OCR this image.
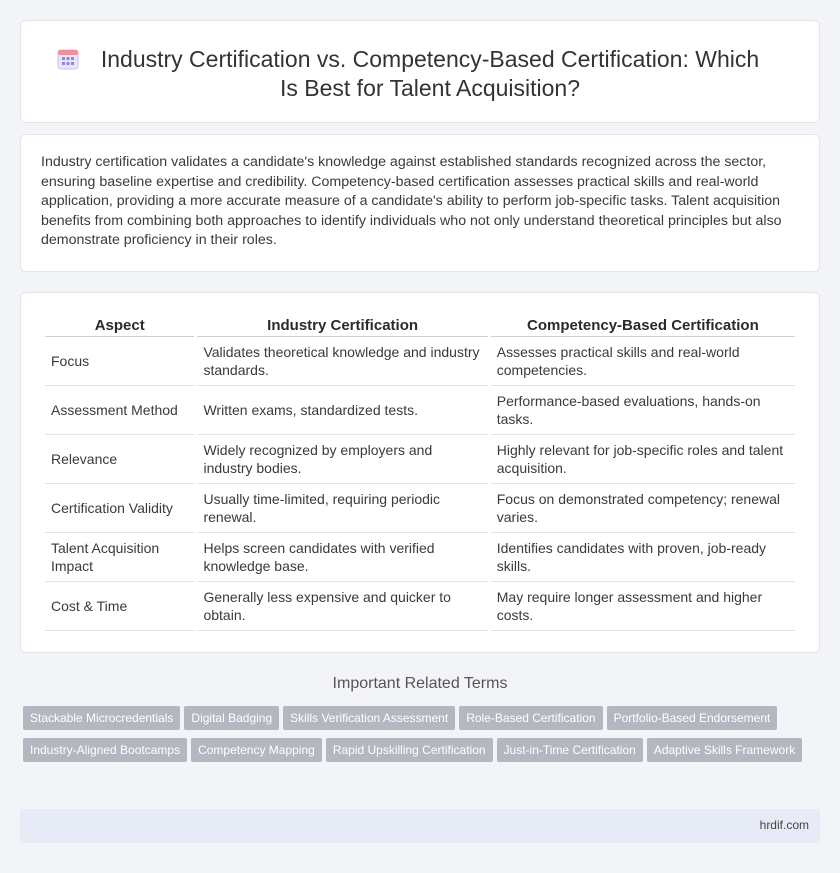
Industry Certification vs. Competency-Based Certification: Which Is Best for Talent Acquisition?

Industry certification validates a candidate's knowledge against established standards recognized across the sector, ensuring baseline expertise and credibility. Competency-based certification assesses practical skills and real-world application, providing a more accurate measure of a candidate's ability to perform job-specific tasks. Talent acquisition benefits from combining both approaches to identify individuals who not only understand theoretical principles but also demonstrate proficiency in their roles.

Aspect	Industry Certification	Competency-Based Certification
Focus	Validates theoretical knowledge and industry standards.	Assesses practical skills and real-world competencies.
Assessment Method	Written exams, standardized tests.	Performance-based evaluations, hands-on tasks.
Relevance	Widely recognized by employers and industry bodies.	Highly relevant for job-specific roles and talent acquisition.
Certification Validity	Usually time-limited, requiring periodic renewal.	Focus on demonstrated competency; renewal varies.
Talent Acquisition Impact	Helps screen candidates with verified knowledge base.	Identifies candidates with proven, job-ready skills.
Cost & Time	Generally less expensive and quicker to obtain.	May require longer assessment and higher costs.
Important Related Terms
Stackable Microcredentials Digital Badging Skills Verification Assessment Role-Based Certification Portfolio-Based EndorsementIndustry-Aligned Bootcamps Competency Mapping Rapid Upskilling Certification Just-in-Time Certification Adaptive Skills Framework
hrdif.com
